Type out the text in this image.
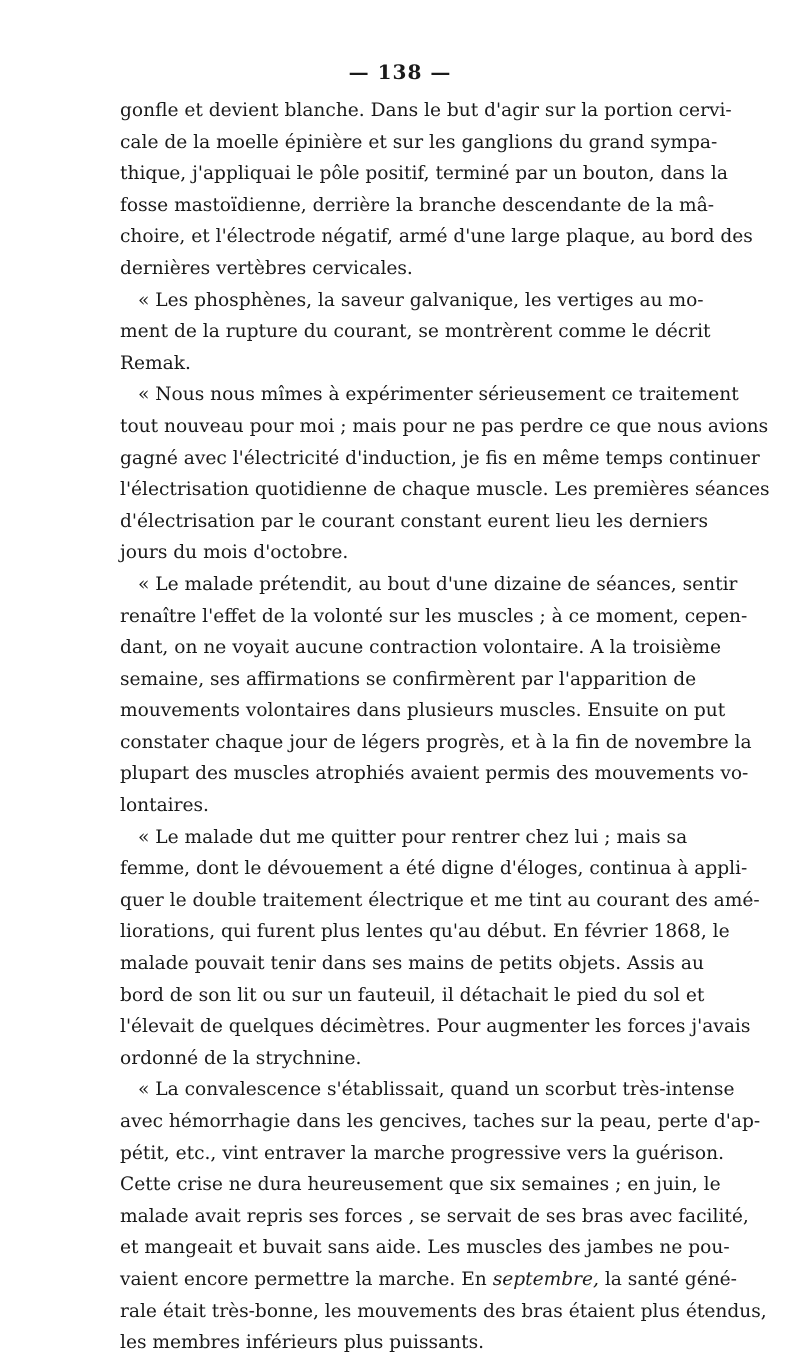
— 138 —
gonfle et devient blanche. Dans le but d'agir sur la portion cervi-
cale de la moelle épinière et sur les ganglions du grand sympa-
thique, j'appliquai le pôle positif, terminé par un bouton, dans la
fosse mastoïdienne, derrière la branche descendante de la mâ-
choire, et l'électrode négatif, armé d'une large plaque, au bord des
dernières vertèbres cervicales.
« Les phosphènes, la saveur galvanique, les vertiges au mo-
ment de la rupture du courant, se montrèrent comme le décrit
Remak.
« Nous nous mîmes à expérimenter sérieusement ce traitement
tout nouveau pour moi ; mais pour ne pas perdre ce que nous avions
gagné avec l'électricité d'induction, je fis en même temps continuer
l'électrisation quotidienne de chaque muscle. Les premières séances
d'électrisation par le courant constant eurent lieu les derniers
jours du mois d'octobre.
« Le malade prétendit, au bout d'une dizaine de séances, sentir
renaître l'effet de la volonté sur les muscles ; à ce moment, cepen-
dant, on ne voyait aucune contraction volontaire. A la troisième
semaine, ses affirmations se confirmèrent par l'apparition de
mouvements volontaires dans plusieurs muscles. Ensuite on put
constater chaque jour de légers progrès, et à la fin de novembre la
plupart des muscles atrophiés avaient permis des mouvements vo-
lontaires.
« Le malade dut me quitter pour rentrer chez lui ; mais sa
femme, dont le dévouement a été digne d'éloges, continua à appli-
quer le double traitement électrique et me tint au courant des amé-
liorations, qui furent plus lentes qu'au début. En février 1868, le
malade pouvait tenir dans ses mains de petits objets. Assis au
bord de son lit ou sur un fauteuil, il détachait le pied du sol et
l'élevait de quelques décimètres. Pour augmenter les forces j'avais
ordonné de la strychnine.
« La convalescence s'établissait, quand un scorbut très-intense
avec hémorrhagie dans les gencives, taches sur la peau, perte d'ap-
pétit, etc., vint entraver la marche progressive vers la guérison.
Cette crise ne dura heureusement que six semaines ; en juin, le
malade avait repris ses forces , se servait de ses bras avec facilité,
et mangeait et buvait sans aide. Les muscles des jambes ne pou-
vaient encore permettre la marche. En septembre, la santé géné-
rale était très-bonne, les mouvements des bras étaient plus étendus,
les membres inférieurs plus puissants.
